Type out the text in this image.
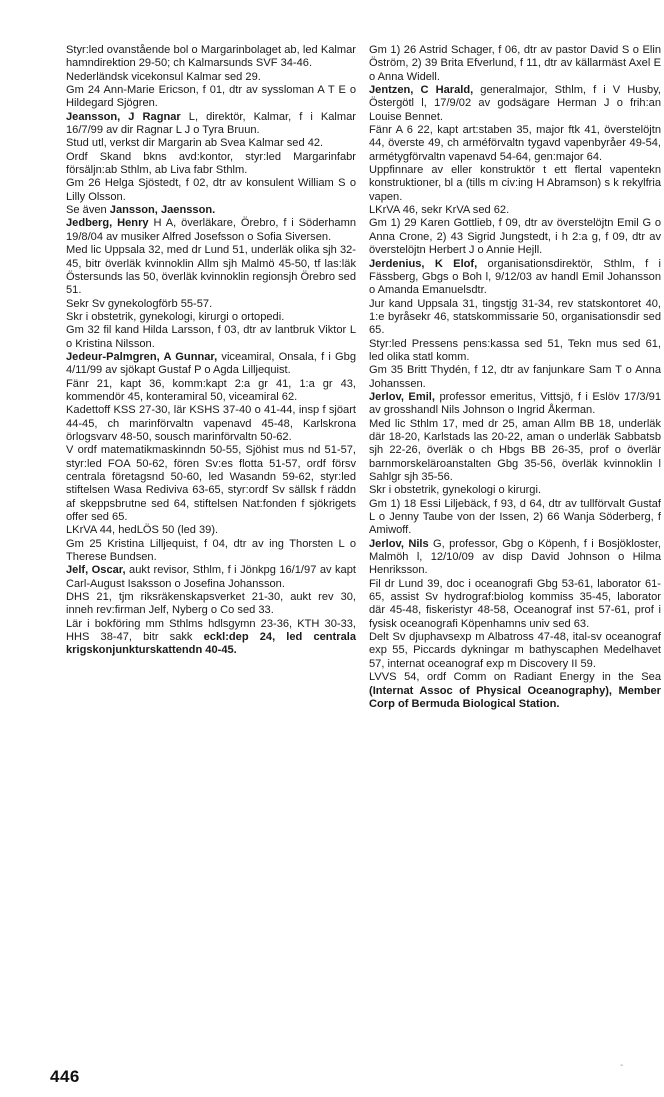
Styr:led ovanstående bol o Margarinbolaget ab, led Kalmar hamndirektion 29-50; ch Kalmarsunds SVF 34-46.

Nederländsk vicekonsul Kalmar sed 29.

Gm 24 Ann-Marie Ericson, f 01, dtr av syssloman A T E o Hildegard Sjögren.

Jeansson, J Ragnar L, direktör, Kalmar, f i Kalmar 16/7/99 av dir Ragnar L J o Tyra Bruun.

Stud utl, verkst dir Margarin ab Svea Kalmar sed 42.

Ordf Skand bkns avd:kontor, styr:led Margarinfabr försäljn:ab Sthlm, ab Liva fabr Sthlm.

Gm 26 Helga Sjöstedt, f 02, dtr av konsulent William S o Lilly Olsson.

Se även Jansson, Jaensson.

Jedberg, Henry H A, överläkare, Örebro, f i Söderhamn 19/8/04 av musiker Alfred Josefsson o Sofia Siversen.

Med lic Uppsala 32, med dr Lund 51, underläk olika sjh 32-45, bitr överläk kvinnoklin Allm sjh Malmö 45-50, tf las:läk Östersunds las 50, överläk kvinnoklin regionsjh Örebro sed 51.

Sekr Sv gynekologförb 55-57.

Skr i obstetrik, gynekologi, kirurgi o ortopedi.

Gm 32 fil kand Hilda Larsson, f 03, dtr av lantbruk Viktor L o Kristina Nilsson.

Jedeur-Palmgren, A Gunnar, viceamiral, Onsala, f i Gbg 4/11/99 av sjökapt Gustaf P o Agda Lilljequist.

Fänr 21, kapt 36, komm:kapt 2:a gr 41, 1:a gr 43, kommendör 45, konteramiral 50, viceamiral 62.

Kadettoff KSS 27-30, lär KSHS 37-40 o 41-44, insp f sjöart 44-45, ch marinförvaltn vapenavd 45-48, Karlskrona örlogsvarv 48-50, sousch marinförvaltn 50-62.

V ordf matematikmaskinndn 50-55, Sjöhist mus nd 51-57, styr:led FOA 50-62, fören Sv:es flotta 51-57, ordf försv centrala företagsnd 50-60, led Wasandn 59-62, styr:led stiftelsen Wasa Rediviva 63-65, styr:ordf Sv sällsk f räddn af skeppsbrutne sed 64, stiftelsen Nat:fonden f sjökrigets offer sed 65.

LKrVA 44, hedLÖS 50 (led 39).

Gm 25 Kristina Lilljequist, f 04, dtr av ing Thorsten L o Therese Bundsen.

Jelf, Oscar, aukt revisor, Sthlm, f i Jönkpg 16/1/97 av kapt Carl-August Isaksson o Josefina Johansson.

DHS 21, tjm riksräkenskapsverket 21-30, aukt rev 30, inneh rev:firman Jelf, Nyberg o Co sed 33.

Lär i bokföring mm Sthlms hdlsgymn 23-36, KTH 30-33, HHS 38-47, bitr sakk eckl:dep 24, led centrala krigskonjunkturskattendn 40-45.

Gm 1) 26 Astrid Schager, f 06, dtr av pastor David S o Elin Öström, 2) 39 Brita Efverlund, f 11, dtr av källarmäst Axel E o Anna Widell.

Jentzen, C Harald, generalmajor, Sthlm, f i V Husby, Östergötl l, 17/9/02 av godsägare Herman J o frih:an Louise Bennet.

Fänr A 6 22, kapt art:staben 35, major ftk 41, överstelöjtn 44, överste 49, ch arméförvaltn tygavd vapenbyråer 49-54, armétygförvaltn vapenavd 54-64, gen:major 64.

Uppfinnare av eller konstruktör t ett flertal vapentekn konstruktioner, bl a (tills m civ:ing H Abramson) s k rekylfria vapen.

LKrVA 46, sekr KrVA sed 62.

Gm 1) 29 Karen Gottlieb, f 09, dtr av överstelöjtn Emil G o Anna Crone, 2) 43 Sigrid Jungstedt, i h 2:a g, f 09, dtr av överstelöjtn Herbert J o Annie Hejll.

Jerdenius, K Elof, organisationsdirektör, Sthlm, f i Fässberg, Gbgs o Boh l, 9/12/03 av handl Emil Johansson o Amanda Emanuelsdtr.

Jur kand Uppsala 31, tingstjg 31-34, rev statskontoret 40, 1:e byråsekr 46, statskommissarie 50, organisationsdir sed 65.

Styr:led Pressens pens:kassa sed 51, Tekn mus sed 61, led olika statl komm.

Gm 35 Britt Thydén, f 12, dtr av fanjunkare Sam T o Anna Johanssen.

Jerlov, Emil, professor emeritus, Vittsjö, f i Eslöv 17/3/91 av grosshandl Nils Johnson o Ingrid Åkerman.

Med lic Sthlm 17, med dr 25, aman Allm BB 18, underläk där 18-20, Karlstads las 20-22, aman o underläk Sabbatsb sjh 22-26, överläk o ch Hbgs BB 26-35, prof o överlär barnmorskeläroanstalten Gbg 35-56, överläk kvinnoklin l Sahlgr sjh 35-56.

Skr i obstetrik, gynekologi o kirurgi.

Gm 1) 18 Essi Liljebäck, f 93, d 64, dtr av tullförvalt Gustaf L o Jenny Taube von der Issen, 2) 66 Wanja Söderberg, f Amiwoff.

Jerlov, Nils G, professor, Gbg o Köpenh, f i Bosjökloster, Malmöh l, 12/10/09 av disp David Johnson o Hilma Henriksson.

Fil dr Lund 39, doc i oceanografi Gbg 53-61, laborator 61-65, assist Sv hydrograf:biolog kommiss 35-45, laborator där 45-48, fiskeristyr 48-58, Oceanograf inst 57-61, prof i fysisk oceanografi Köpenhamns univ sed 63.

Delt Sv djuphavsexp m Albatross 47-48, ital-sv oceanograf exp 55, Piccards dykningar m bathyscaphen Medelhavet 57, internat oceanograf exp m Discovery II 59.

LVVS 54, ordf Comm on Radiant Energy in the Sea (Internat Assoc of Physical Oceanography), Member Corp of Bermuda Biological Station.

446
-
